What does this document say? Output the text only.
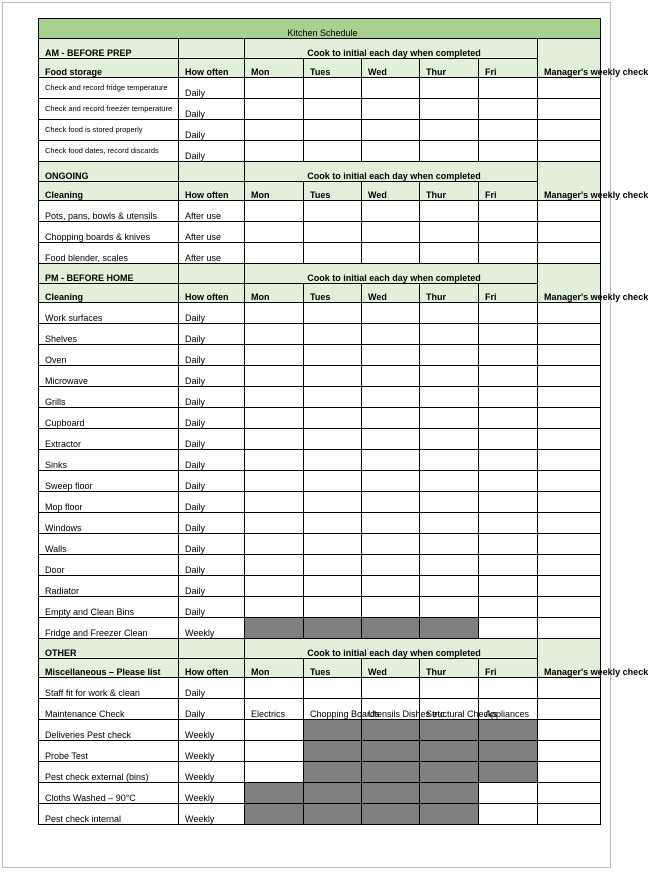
Kitchen Schedule							
AM - BEFORE PREP		Cook to initial each day when completed					Manager's weekly check
Food storage	How often	Mon	Tues	Wed	Thur	Fri	
Check and record fridge temperature	Daily						
Check and record freezer temperature	Daily						
Check food is stored properly	Daily						
Check food dates, record discards	Daily						
ONGOING		Cook to initial each day when completed					Manager's weekly check
Cleaning	How often	Mon	Tues	Wed	Thur	Fri	
Pots, pans, bowls & utensils	After use						
Chopping boards & knives	After use						
Food blender, scales	After use						
PM - BEFORE HOME		Cook to initial each day when completed					Manager's weekly check
Cleaning	How often	Mon	Tues	Wed	Thur	Fri	
Work surfaces	Daily						
Shelves	Daily						
Oven	Daily						
Microwave	Daily						
Grills	Daily						
Cupboard	Daily						
Extractor	Daily						
Sinks	Daily						
Sweep floor	Daily						
Mop floor	Daily						
Windows	Daily						
Walls	Daily						
Door	Daily						
Radiator	Daily						
Empty and Clean Bins	Daily						
Fridge and Freezer Clean	Weekly						
OTHER		Cook to initial each day when completed					Manager's weekly check
Miscellaneous – Please list	How often	Mon	Tues	Wed	Thur	Fri	
Staff fit for work & clean	Daily						
Maintenance Check	Daily	Electrics	Chopping Boards	Utensils Dishes etc.	Structural Checks	Appliances	
Deliveries Pest check	Weekly						
Probe Test	Weekly						
Pest check external (bins)	Weekly						
Cloths Washed – 90°C	Weekly						
Pest check internal	Weekly						
